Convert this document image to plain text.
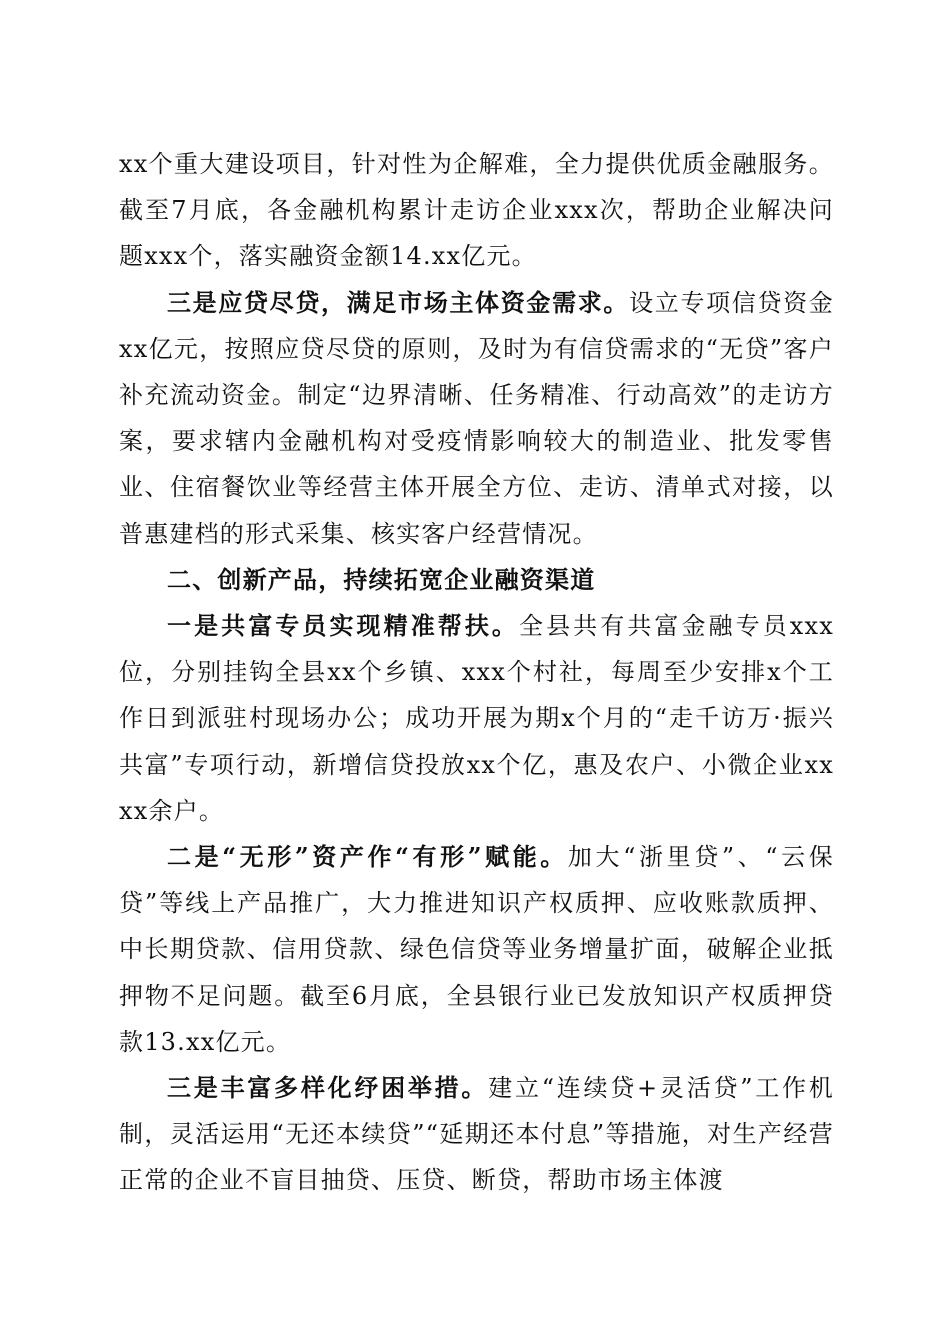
xx个重大建设项目，针对性为企解难，全力提供优质金融服务。截至7月底，各金融机构累计走访企业xxx次，帮助企业解决问题xxx个，落实融资金额14.xx亿元。

三是应贷尽贷，满足市场主体资金需求。设立专项信贷资金xx亿元，按照应贷尽贷的原则，及时为有信贷需求的“无贷”客户补充流动资金。制定“边界清晰、任务精准、行动高效”的走访方案，要求辖内金融机构对受疫情影响较大的制造业、批发零售业、住宿餐饮业等经营主体开展全方位、走访、清单式对接，以普惠建档的形式采集、核实客户经营情况。

二、创新产品，持续拓宽企业融资渠道

一是共富专员实现精准帮扶。全县共有共富金融专员xxx位，分别挂钩全县xx个乡镇、xxx个村社，每周至少安排x个工作日到派驻村现场办公；成功开展为期x个月的“走千访万·振兴共富”专项行动，新增信贷投放xx个亿，惠及农户、小微企业xxxx余户。

二是“无形”资产作“有形”赋能。加大“浙里贷”、“云保贷”等线上产品推广，大力推进知识产权质押、应收账款质押、中长期贷款、信用贷款、绿色信贷等业务增量扩面，破解企业抵押物不足问题。截至6月底，全县银行业已发放知识产权质押贷款13.xx亿元。

三是丰富多样化纾困举措。建立“连续贷+灵活贷”工作机制，灵活运用“无还本续贷”“延期还本付息”等措施，对生产经营正常的企业不盲目抽贷、压贷、断贷，帮助市场主体渡
